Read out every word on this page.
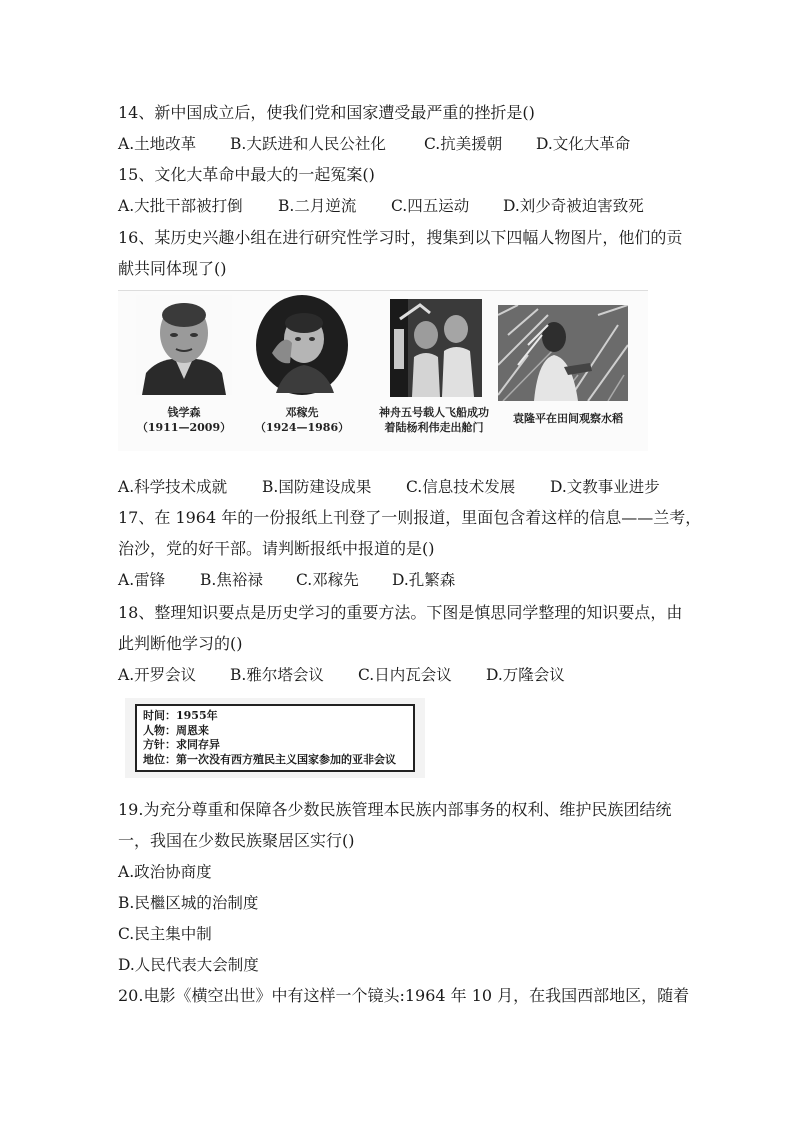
14、新中国成立后，使我们党和国家遭受最严重的挫折是()
A.土地改革 B.大跃进和人民公社化 C.抗美援朝 D.文化大革命
15、文化大革命中最大的一起冤案()
A.大批干部被打倒 B.二月逆流 C.四五运动 D.刘少奇被迫害致死
16、某历史兴趣小组在进行研究性学习时，搜集到以下四幅人物图片，他们的贡
献共同体现了()
钱学森
（1911—2009）
邓稼先
（1924—1986）
神舟五号载人飞船成功
着陆杨利伟走出舱门
袁隆平在田间观察水稻
A.科学技术成就 B.国防建设成果 C.信息技术发展 D.文教事业进步
17、在 1964 年的一份报纸上刊登了一则报道，里面包含着这样的信息——兰考，
治沙，党的好干部。请判断报纸中报道的是()
A.雷锋 B.焦裕禄 C.邓稼先 D.孔繁森
18、整理知识要点是历史学习的重要方法。下图是慎思同学整理的知识要点，由
此判断他学习的()
A.开罗会议 B.雅尔塔会议 C.日内瓦会议 D.万隆会议
时间：1955年
人物：周恩来
方针：求同存异
地位：第一次没有西方殖民主义国家参加的亚非会议
19.为充分尊重和保障各少数民族管理本民族内部事务的权利、维护民族团结统
一，我国在少数民族聚居区实行()
A.政治协商度
B.民檵区城的治制度
C.民主集中制
D.人民代表大会制度
20.电影《横空出世》中有这样一个镜头:1964 年 10 月，在我国西部地区，随着
